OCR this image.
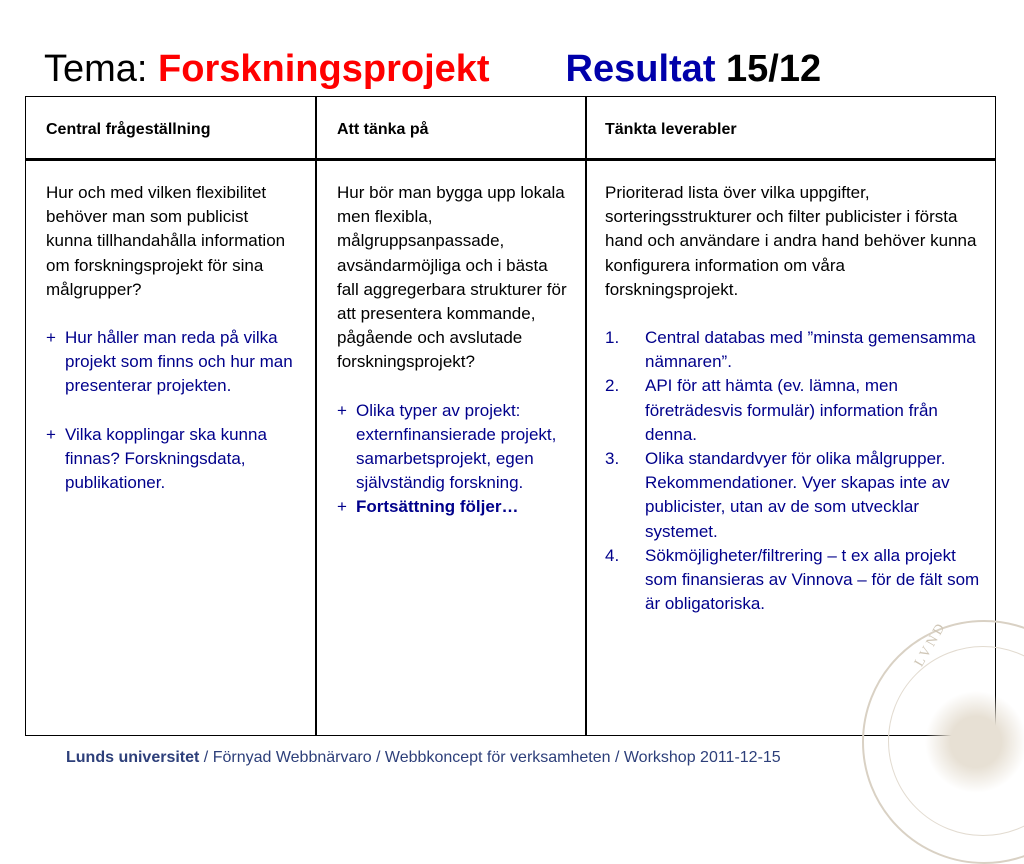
Tema: Forskningsprojekt Resultat 15/12
Central frågeställning	Att tänka på	Tänkta leverabler

Hur och med vilken flexibilitet behöver man som publicist kunna tillhandahålla information om forskningsprojekt för sina målgrupper?

+ Hur håller man reda på vilka projekt som finns och hur man presenterar projekten.

+ Vilka kopplingar ska kunna finnas? Forskningsdata, publikationer.

Hur bör man bygga upp lokala men flexibla, målgruppsanpassade, avsändarmöjliga och i bästa fall aggregerbara strukturer för att presentera kommande, pågående och avslutade forskningsprojekt?

+ Olika typer av projekt: externfinansierade projekt, samarbetsprojekt, egen självständig forskning.

+ Fortsättning följer…

Prioriterad lista över vilka uppgifter, sorteringsstrukturer och filter publicister i första hand och användare i andra hand behöver kunna konfigurera information om våra forskningsprojekt.

1. Central databas med ”minsta gemensamma nämnaren”.
2. API för att hämta (ev. lämna, men företrädesvis formulär) information från denna.
3. Olika standardvyer för olika målgrupper. Rekommendationer. Vyer skapas inte av publicister, utan av de som utvecklar systemet.
4. Sökmöjligheter/filtrering – t ex alla projekt som finansieras av Vinnova – för de fält som är obligatoriska.
LVND
Lunds universitet / Förnyad Webbnärvaro / Webbkoncept för verksamheten / Workshop 2011-12-15
